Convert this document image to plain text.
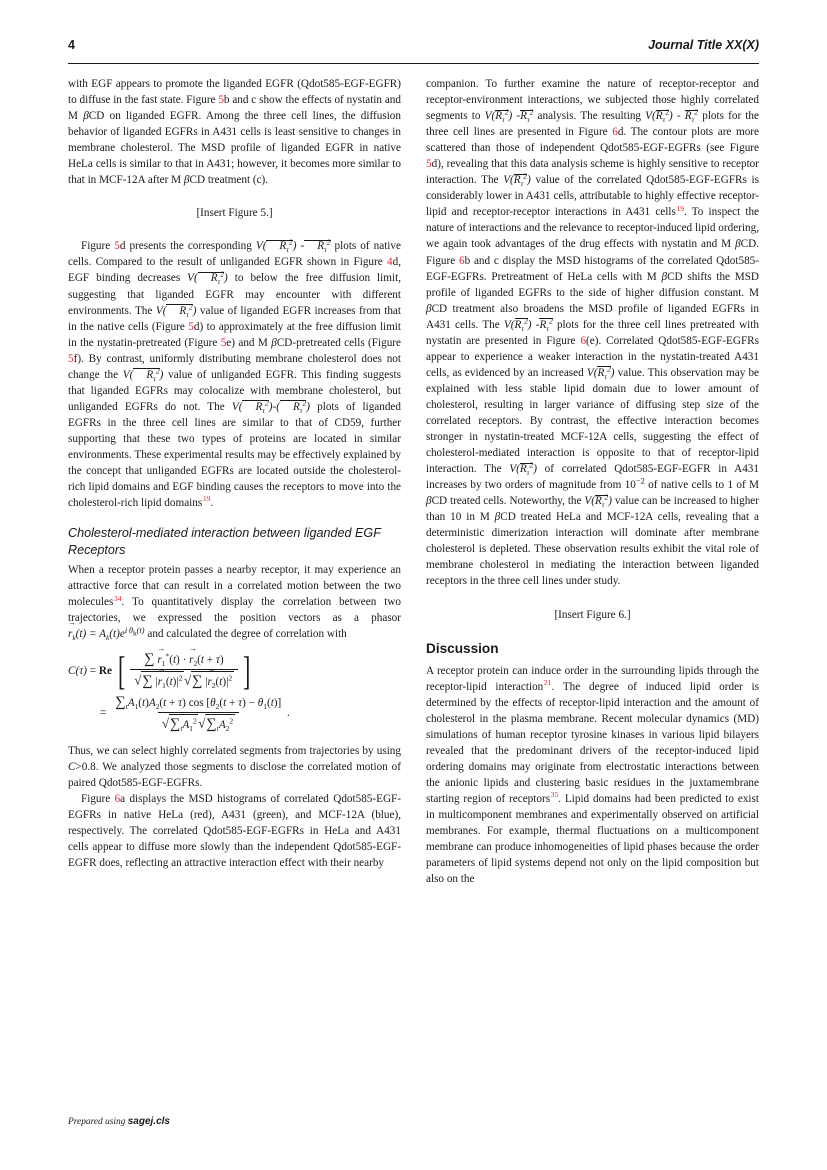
4	Journal Title XX(X)

with EGF appears to promote the liganded EGFR (Qdot585-EGF-EGFR) to diffuse in the fast state. Figure 5b and c show the effects of nystatin and M βCD on liganded EGFR. Among the three cell lines, the diffusion behavior of liganded EGFRs in A431 cells is least sensitive to changes in membrane cholesterol. The MSD profile of liganded EGFR in native HeLa cells is similar to that in A431; however, it becomes more similar to that in MCF-12A after M βCD treatment (c).

[Insert Figure 5.]

Figure 5d presents the corresponding V( $R_\tau^2) - R_\tau^2$ plots of native cells. Compared to the result of unliganded EGFR shown in Figure 4d, EGF binding decreases V( $R_\tau^2$) to below the free diffusion limit, suggesting that liganded EGFR may encounter with different environments. The V( $R_\tau^2$) value of liganded EGFR increases from that in the native cells (Figure 5d) to approximately at the free diffusion limit in the nystatin-pretreated (Figure 5e) and M βCD-pretreated cells (Figure 5f). By contrast, uniformly distributing membrane cholesterol does not change the V( $R_\tau^2$) value of unliganded EGFR. This finding suggests that liganded EGFRs may colocalize with membrane cholesterol, but unliganded EGFRs do not. The V( $R_\tau^2)-$( $R_\tau^2$) plots of liganded EGFRs in the three cell lines are similar to that of CD59, further supporting that these two types of proteins are located in similar environments. These experimental results may be effectively explained by the concept that unliganded EGFRs are located outside the cholesterol-rich lipid domains and EGF binding causes the receptors to move into the cholesterol-rich lipid domains$^{19}$.

Cholesterol-mediated interaction between liganded EGF Receptors

When a receptor protein passes a nearby receptor, it may experience an attractive force that can result in a correlated motion between the two molecules$^{34}$. To quantitatively display the correlation between two trajectories, we expressed the position vectors as a phasor $r \to_k(t) = A_k(t)e^{i \theta_k(t)}$ and calculated the degree of correlation with

C(τ) = Re [ $\frac{\sum r \to_1^*(t) \cdot r \to_2(t + \tau)}{√\sum |r \to_1(t)|^2 √\sum |r \to_2(t)|^2}$ ]
= $\frac{\sum_tA_1(t)A_2(t + \tau) \cos [\theta_2(t + \tau) - \theta_1(t)]}{√\sum_tA_1^2 √\sum_tA_2^2}$ .

Thus, we can select highly correlated segments from trajectories by using C>0.8. We analyzed those segments to disclose the correlated motion of paired Qdot585-EGF-EGFRs.

Figure 6a displays the MSD histograms of correlated Qdot585-EGF-EGFRs in native HeLa (red), A431 (green), and MCF-12A (blue), respectively. The correlated Qdot585-EGF-EGFRs in HeLa and A431 cells appear to diffuse more slowly than the independent Qdot585-EGF-EGFR does, reflecting an attractive interaction effect with their nearby

companion. To further examine the nature of receptor-receptor and receptor-environment interactions, we subjected those highly correlated segments to $V(R_\tau^2)$ $-R_\tau^2$ analysis. The resulting $V(R_\tau^2) - R_\tau^2$ plots for the three cell lines are presented in Figure 6d. The contour plots are more scattered than those of independent Qdot585-EGF-EGFRs (see Figure 5d), revealing that this data analysis scheme is highly sensitive to receptor interaction. The $V(R_\tau^2)$ value of the correlated Qdot585-EGF-EGFRs is considerably lower in A431 cells, attributable to highly effective receptor-lipid and receptor-receptor interactions in A431 cells$^{19}$. To inspect the nature of interactions and the relevance to receptor-induced lipid ordering, we again took advantages of the drug effects with nystatin and M βCD. Figure 6b and c display the MSD histograms of the correlated Qdot585-EGF-EGFRs. Pretreatment of HeLa cells with M βCD shifts the MSD profile of liganded EGFRs to the side of higher diffusion constant. M βCD treatment also broadens the MSD profile of liganded EGFRs in A431 cells. The $V(R_\tau^2)$ $-R_\tau^2$ plots for the three cell lines pretreated with nystatin are presented in Figure 6(e). Correlated Qdot585-EGF-EGFRs appear to experience a weaker interaction in the nystatin-treated A431 cells, as evidenced by an increased $V(R_\tau^2)$ value. This observation may be explained with less stable lipid domain due to lower amount of cholesterol, resulting in larger variance of diffusing step size of the correlated receptors. By contrast, the effective interaction becomes stronger in nystatin-treated MCF-12A cells, suggesting the effect of cholesterol-mediated interaction is opposite to that of receptor-lipid interaction. The $V(R_\tau^2)$ of correlated Qdot585-EGF-EGFR in A431 increases by two orders of magnitude from $10^{-2}$ of native cells to 1 of M βCD treated cells. Noteworthy, the $V(R_\tau^2)$ value can be increased to higher than 10 in M βCD treated HeLa and MCF-12A cells, revealing that a deterministic dimerization interaction will dominate after membrane cholesterol is depleted. These observation results exhibit the vital role of membrane cholesterol in mediating the interaction between liganded receptors in the three cell lines under study.

[Insert Figure 6.]

Discussion

A receptor protein can induce order in the surrounding lipids through the receptor-lipid interaction$^{21}$. The degree of induced lipid order is determined by the effects of receptor-lipid interaction and the amount of cholesterol in the plasma membrane. Recent molecular dynamics (MD) simulations of human receptor tyrosine kinases in various lipid bilayers revealed that the predominant drivers of the receptor-induced lipid ordering domains may originate from electrostatic interactions between the anionic lipids and clustering basic residues in the juxtamembrane starting region of receptors$^{35}$. Lipid domains had been predicted to exist in multicomponent membranes and experimentally observed on artificial membranes. For example, thermal fluctuations on a multicomponent membrane can produce inhomogeneities of lipid phases because the order parameters of lipid systems depend not only on the lipid composition but also on the

Prepared using sagej.cls
